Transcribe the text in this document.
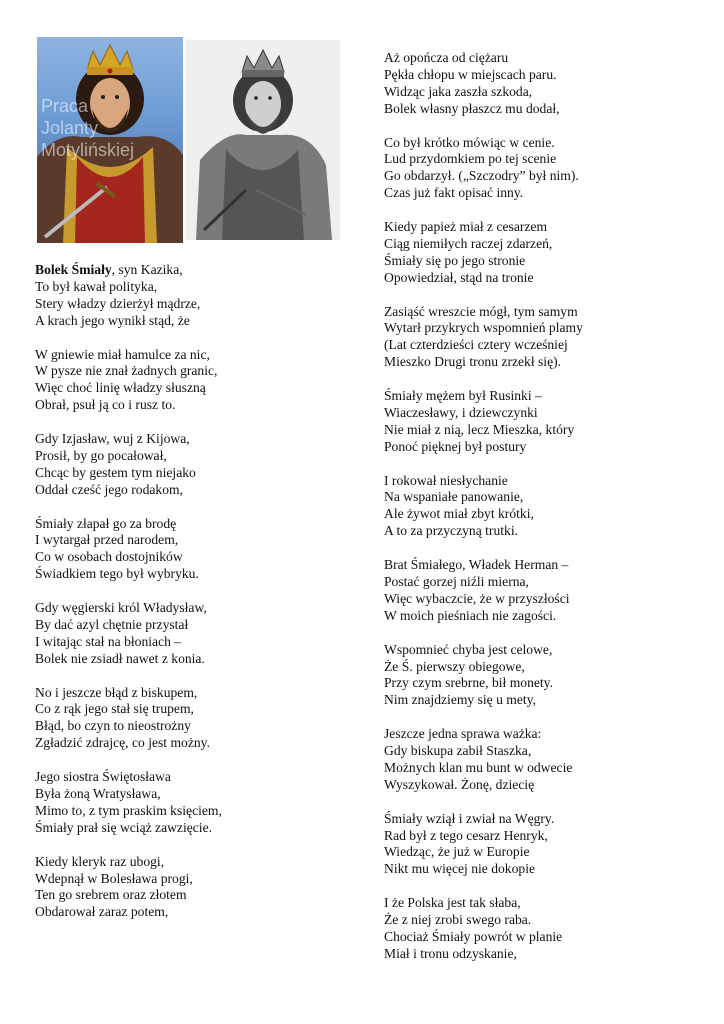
Praca
Jolanty
Motylińskiej
Bolek Śmiały, syn Kazika,
To był kawał polityka,
Stery władzy dzierżył mądrze,
A krach jego wynikł stąd, że
W gniewie miał hamulce za nic,
W pysze nie znał żadnych granic,
Więc choć linię władzy słuszną
Obrał, psuł ją co i rusz to.
Gdy Izjasław, wuj z Kijowa,
Prosił, by go pocałował,
Chcąc by gestem tym niejako
Oddał cześć jego rodakom,
Śmiały złapał go za brodę
I wytargał przed narodem,
Co w osobach dostojników
Świadkiem tego był wybryku.
Gdy węgierski król Władysław,
By dać azyl chętnie przystał
I witając stał na błoniach –
Bolek nie zsiadł nawet z konia.
No i jeszcze błąd z biskupem,
Co z rąk jego stał się trupem,
Błąd, bo czyn to nieostrożny
Zgładzić zdrajcę, co jest możny.
Jego siostra Świętosława
Była żoną Wratysława,
Mimo to, z tym praskim księciem,
Śmiały prał się wciąż zawzięcie.
Kiedy kleryk raz ubogi,
Wdepnął w Bolesława progi,
Ten go srebrem oraz złotem
Obdarował zaraz potem,
Aż opończa od ciężaru
Pękła chłopu w miejscach paru.
Widząc jaka zaszła szkoda,
Bolek własny płaszcz mu dodał,
Co był krótko mówiąc w cenie.
Lud przydomkiem po tej scenie
Go obdarzył. („Szczodry” był nim).
Czas już fakt opisać inny.
Kiedy papież miał z cesarzem
Ciąg niemiłych raczej zdarzeń,
Śmiały się po jego stronie
Opowiedział, stąd na tronie
Zasiąść wreszcie mógł, tym samym
Wytarł przykrych wspomnień plamy
(Lat czterdzieści cztery wcześniej
Mieszko Drugi tronu zrzekł się).
Śmiały mężem był Rusinki –
Wiaczesławy, i dziewczynki
Nie miał z nią, lecz Mieszka, który
Ponoć pięknej był postury
I rokował niesłychanie
Na wspaniałe panowanie,
Ale żywot miał zbyt krótki,
A to za przyczyną trutki.
Brat Śmiałego, Władek Herman –
Postać gorzej niźli mierna,
Więc wybaczcie, że w przyszłości
W moich pieśniach nie zagości.
Wspomnieć chyba jest celowe,
Że Ś. pierwszy obiegowe,
Przy czym srebrne, bił monety.
Nim znajdziemy się u mety,
Jeszcze jedna sprawa ważka:
Gdy biskupa zabił Staszka,
Możnych klan mu bunt w odwecie
Wyszykował. Żonę, dziecię
Śmiały wziął i zwiał na Węgry.
Rad był z tego cesarz Henryk,
Wiedząc, że już w Europie
Nikt mu więcej nie dokopie
I że Polska jest tak słaba,
Że z niej zrobi swego raba.
Chociaż Śmiały powrót w planie
Miał i tronu odzyskanie,
